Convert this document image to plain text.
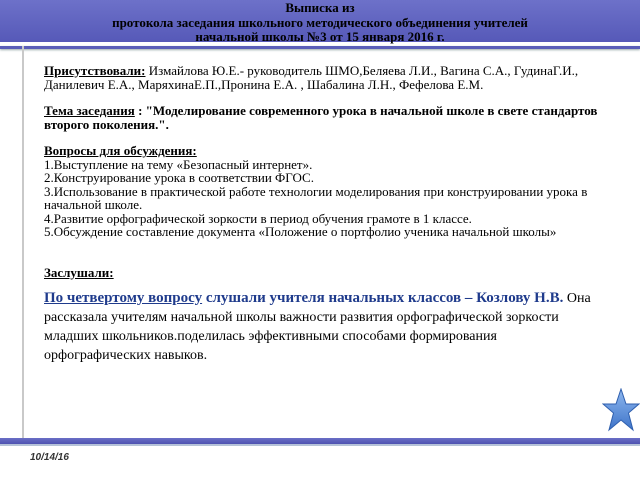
Выписка из
протокола заседания школьного методического объединения учителей
начальной школы №3 от 15 января 2016 г.

Присутствовали: Измайлова Ю.Е.- руководитель ШМО,Беляева Л.И., Вагина С.А., ГудинаГ.И., Данилевич Е.А., МаряхинаЕ.П.,Пронина Е.А. , Шабалина Л.Н., Фефелова Е.М.

Тема заседания : "Моделирование современного урока в начальной школе в свете стандартов второго поколения.".

Вопросы для обсуждения:

1.Выступление на тему «Безопасный интернет».

2.Конструирование урока в соответствии ФГОС.

3.Использование в практической работе технологии моделирования при конструировании урока в начальной школе.

4.Развитие орфографической зоркости в период обучения грамоте в 1 классе.

5.Обсуждение составление документа «Положение о портфолио ученика начальной школы»

Заслушали:

По четвертому вопросу слушали учителя начальных классов – Козлову Н.В. Она рассказала учителям начальной школы важности развития орфографической зоркости младших школьников.поделилась эффективными способами формирования орфографических навыков.

10/14/16
